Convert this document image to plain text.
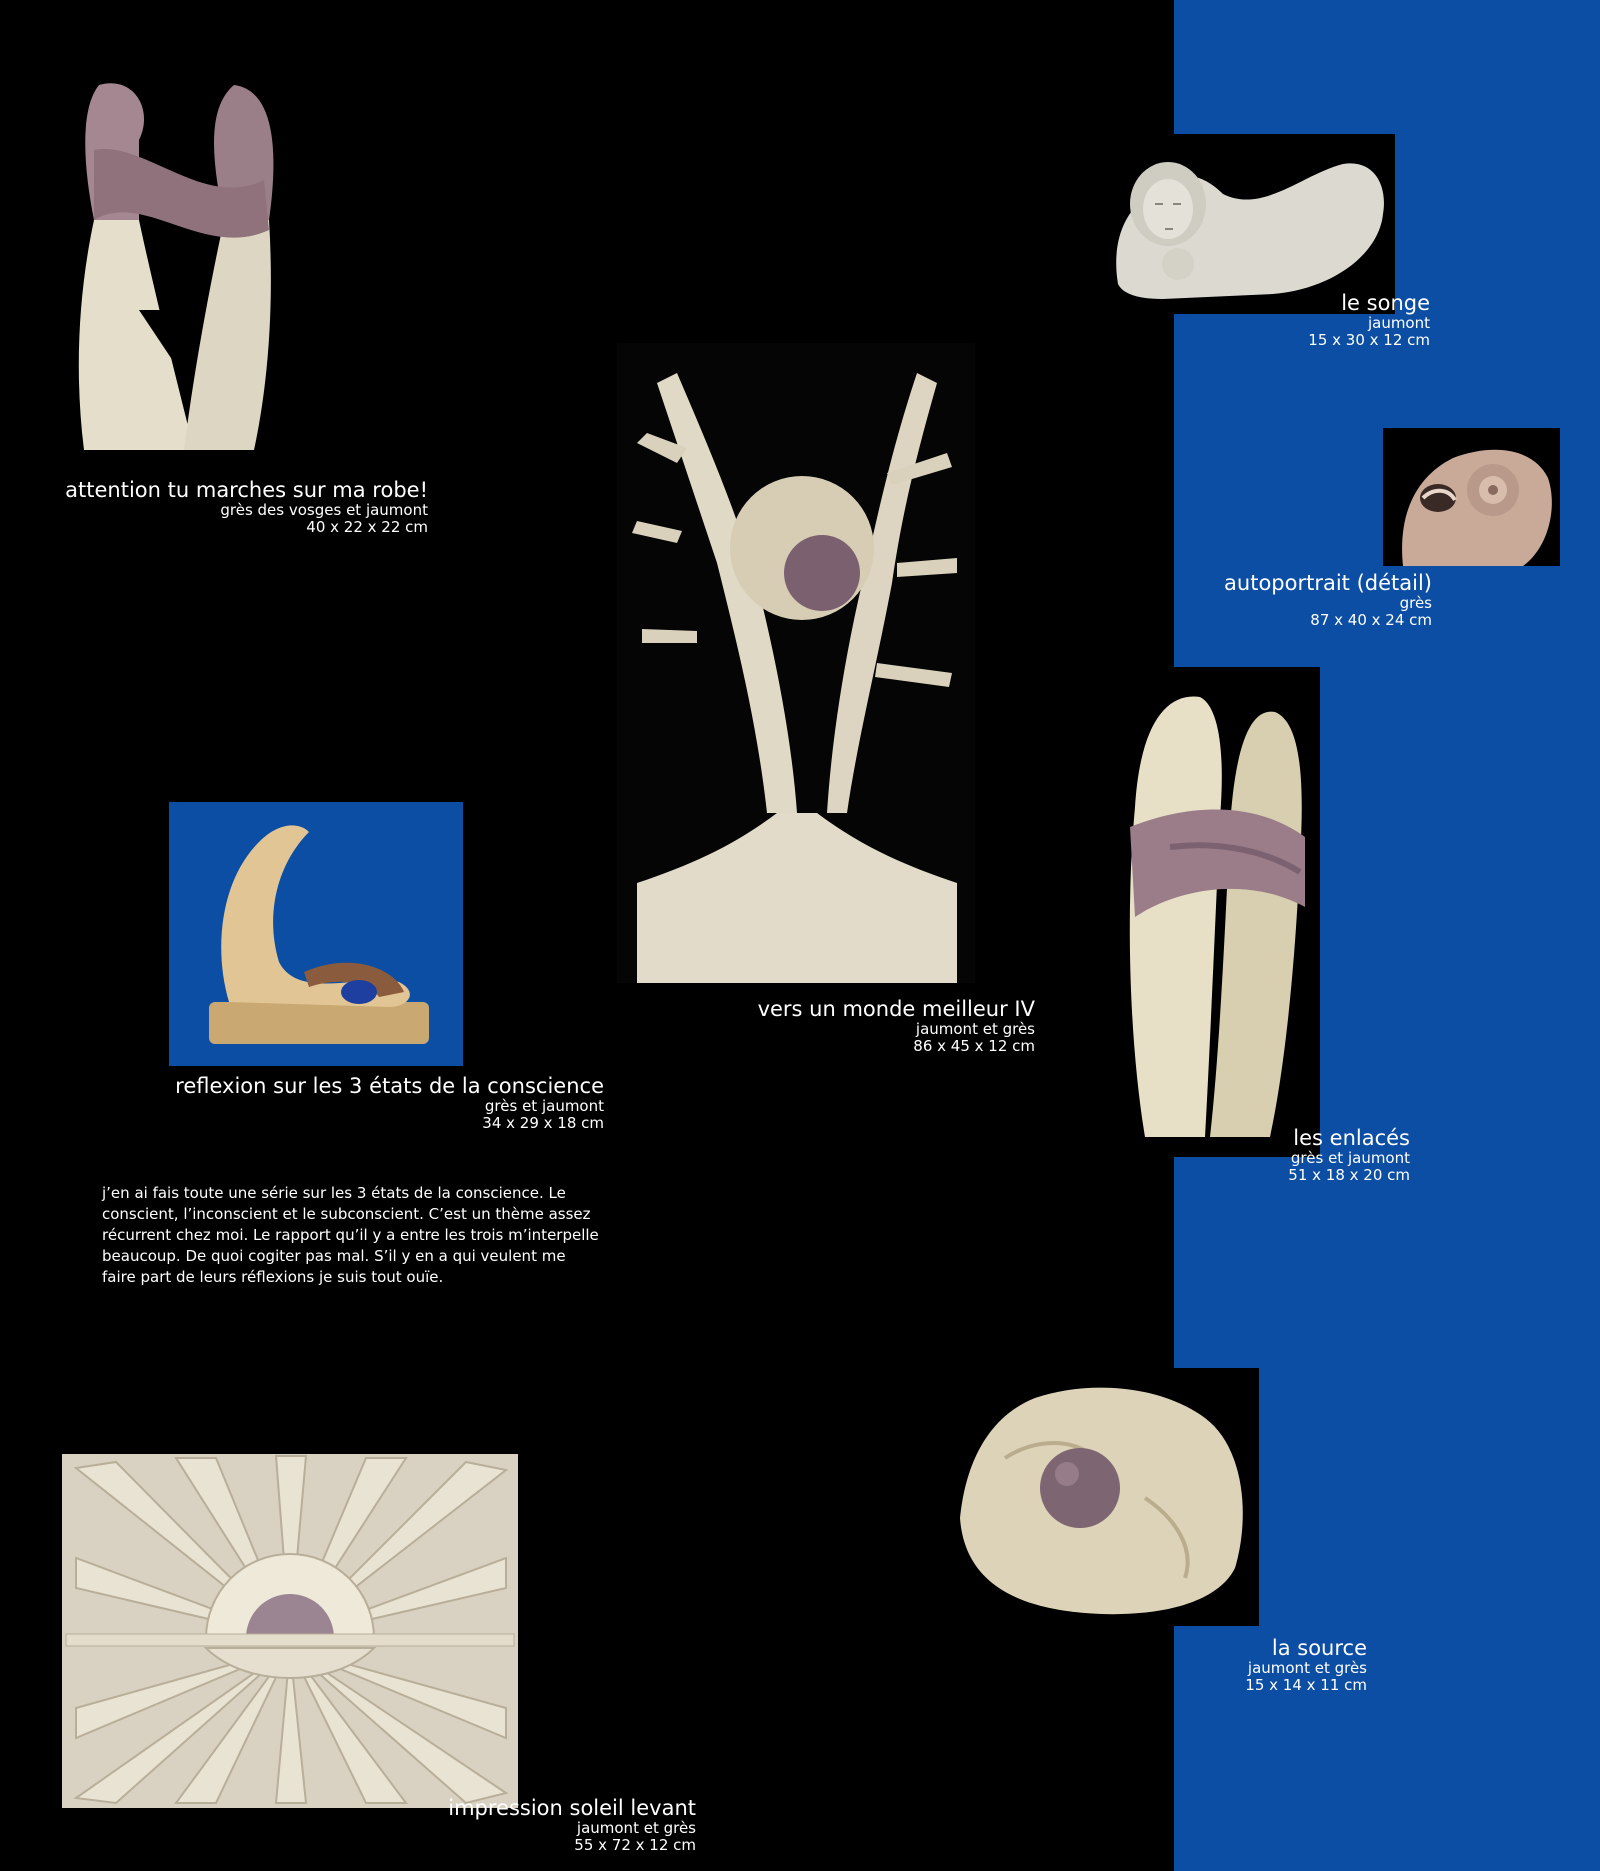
attention tu marches sur ma robe!
grès des vosges et jaumont
40 x 22 x 22 cm
vers un monde meilleur IV
jaumont et grès
86 x 45 x 12 cm
reflexion sur les 3 états de la conscience
grès et jaumont
34 x 29 x 18 cm
j’en ai fais toute une série sur les 3 états de la conscience. Le conscient, l’inconscient et le subconscient. C’est un thème assez récurrent chez moi. Le rapport qu’il y a entre les trois m’interpelle beaucoup. De quoi cogiter pas mal. S’il y en a qui veulent me faire part de leurs réflexions je suis tout ouïe.
impression soleil levant
jaumont et grès
55 x 72 x 12 cm
le songe
jaumont
15 x 30 x 12 cm
autoportrait (détail)
grès
87 x 40 x 24 cm
les enlacés
grès et jaumont
51 x 18 x 20 cm
la source
jaumont et grès
15 x 14 x 11 cm
